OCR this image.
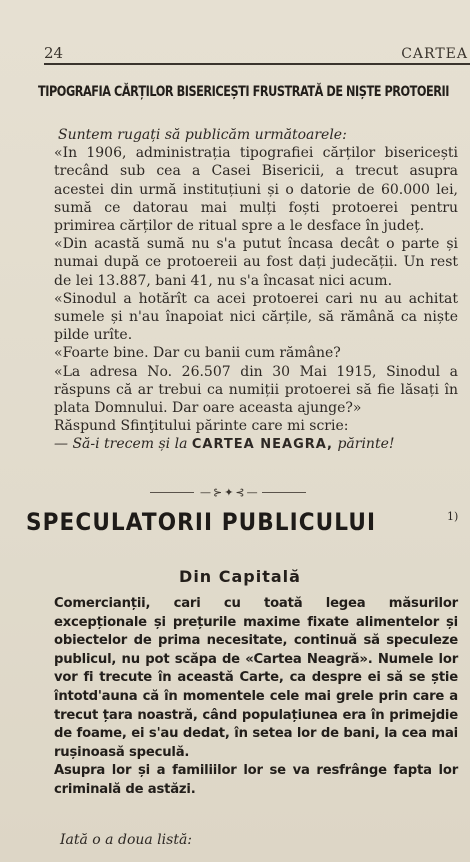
24	CARTEA
TIPOGRAFIA CĂRȚILOR BISERICEȘTI FRUSTRATĂ DE NIȘTE PROTOERII

Suntem rugați să publicăm următoarele:

«In 1906, administrația tipografiei cărților bisericești trecând sub cea a Casei Bisericii, a trecut asupra acestei din urmă instituțiuni și o datorie de 60.000 lei, sumă ce datorau mai mulți foști protoerei pentru primirea cărților de ritual spre a le desface în județ.

«Din acastă sumă nu s'a putut încasa decât o parte și numai după ce protoereii au fost dați judecății. Un rest de lei 13.887, bani 41, nu s'a încasat nici acum.

«Sinodul a hotărît ca acei protoerei cari nu au achitat sumele și n'au înapoiat nici cărțile, să rămână ca niște pilde urîte.

«Foarte bine. Dar cu banii cum rămâne?

«La adresa No. 26.507 din 30 Mai 1915, Sinodul a răspuns că ar trebui ca numiții protoerei să fie lăsați în plata Domnului. Dar oare aceasta ajunge?»

Răspund Sfinţitului părinte care mi scrie:

— Să-i trecem și la CARTEA NEAGRA, părinte!

—⊱✦⊰—
SPECULATORII PUBLICULUI	1)
Din Capitală

Comercianții, cari cu toată legea măsurilor excepționale și prețurile maxime fixate alimentelor și obiectelor de prima necesitate, continuă să speculeze publicul, nu pot scăpa de «Cartea Neagră». Numele lor vor fi trecute în această Carte, ca despre ei să se știe întotd'auna că în momentele cele mai grele prin care a trecut țara noastră, când populațiunea era în primejdie de foame, ei s'au dedat, în setea lor de bani, la cea mai rușinoasă speculă.

Asupra lor și a familiilor lor se va resfrânge fapta lor criminală de astăzi.

Iată o a doua listă:
